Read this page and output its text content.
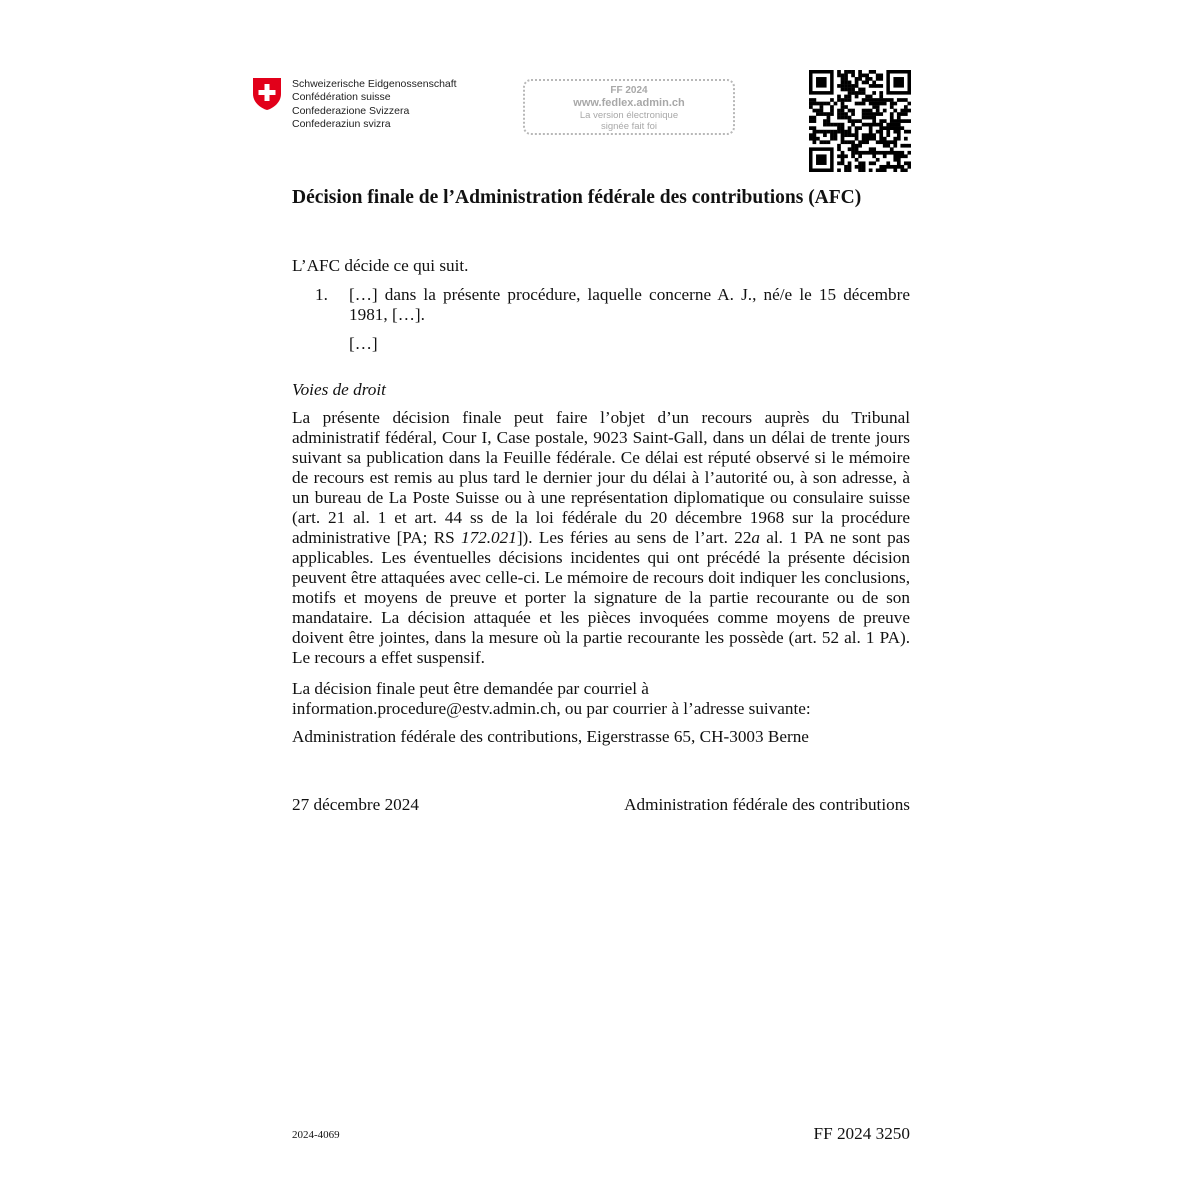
Schweizerische Eidgenossenschaft
Confédération suisse
Confederazione Svizzera
Confederaziun svizra
FF 2024
www.fedlex.admin.ch
La version électronique
signée fait foi
Décision finale de l’Administration fédérale des contributions (AFC)
L’AFC décide ce qui suit.
1. […] dans la présente procédure, laquelle concerne A. J., né/e le 15 décembre 1981, […].
[…]
Voies de droit
La présente décision finale peut faire l’objet d’un recours auprès du Tribunal administratif fédéral, Cour I, Case postale, 9023 Saint-Gall, dans un délai de trente jours suivant sa publication dans la Feuille fédérale. Ce délai est réputé observé si le mémoire de recours est remis au plus tard le dernier jour du délai à l’autorité ou, à son adresse, à un bureau de La Poste Suisse ou à une représentation diplomatique ou consulaire suisse (art. 21 al. 1 et art. 44 ss de la loi fédérale du 20 décembre 1968 sur la procédure administrative [PA; RS 172.021]). Les féries au sens de l’art. 22a al. 1 PA ne sont pas applicables. Les éventuelles décisions incidentes qui ont précédé la présente décision peuvent être attaquées avec celle-ci. Le mémoire de recours doit indiquer les conclusions, motifs et moyens de preuve et porter la signature de la partie recourante ou de son mandataire. La décision attaquée et les pièces invoquées comme moyens de preuve doivent être jointes, dans la mesure où la partie recourante les possède (art. 52 al. 1 PA). Le recours a effet suspensif.
La décision finale peut être demandée par courriel à
information.procedure@estv.admin.ch, ou par courrier à l’adresse suivante:
Administration fédérale des contributions, Eigerstrasse 65, CH-3003 Berne
27 décembre 2024	Administration fédérale des contributions
2024-4069	FF 2024 3250
